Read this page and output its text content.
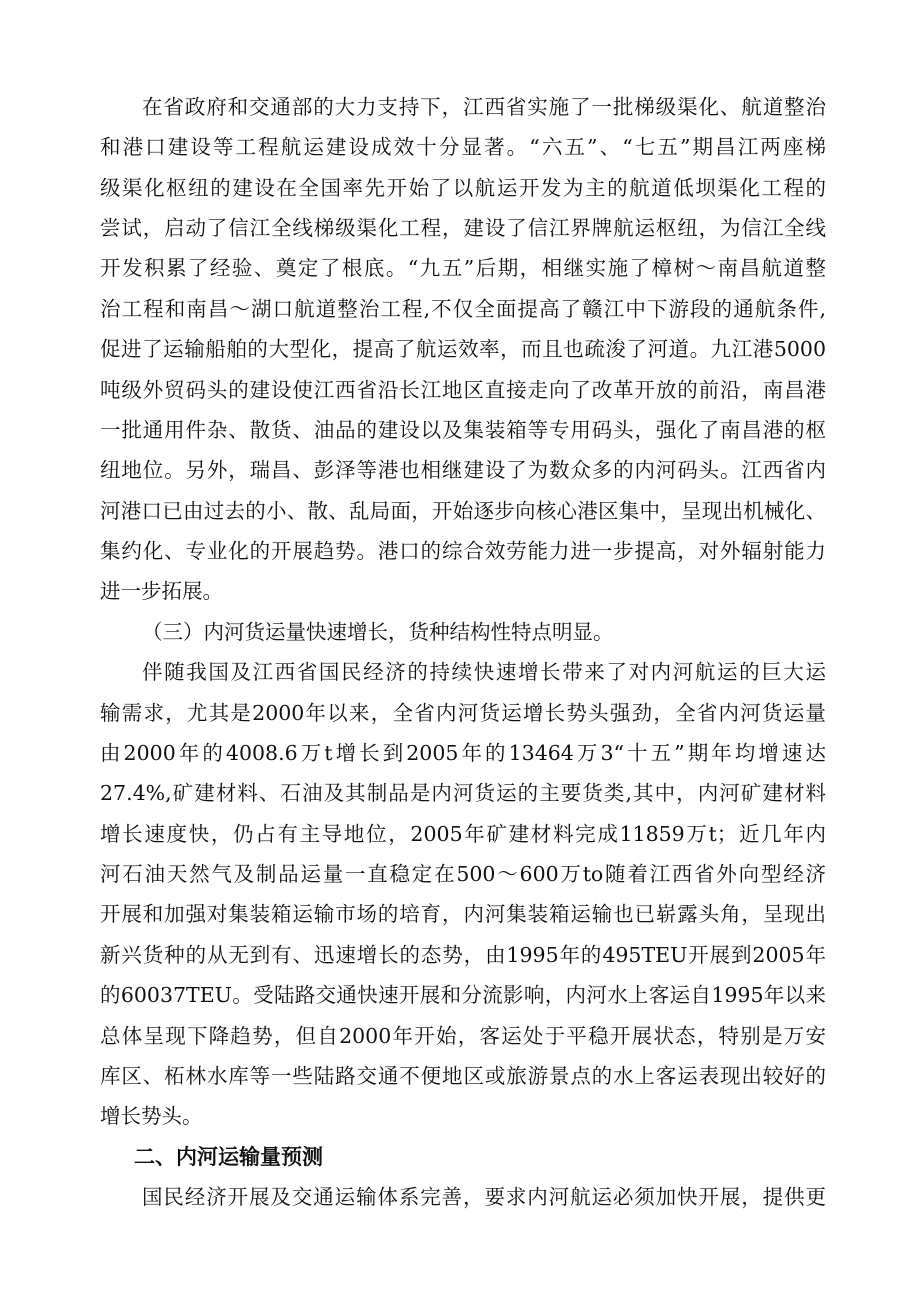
在省政府和交通部的大力支持下，江西省实施了一批梯级渠化、航道整治
和港口建设等工程航运建设成效十分显著。“六五”、“七五”期昌江两座梯
级渠化枢纽的建设在全国率先开始了以航运开发为主的航道低坝渠化工程的
尝试，启动了信江全线梯级渠化工程，建设了信江界牌航运枢纽，为信江全线
开发积累了经验、奠定了根底。“九五”后期，相继实施了樟树～南昌航道整
治工程和南昌～湖口航道整治工程,不仅全面提高了赣江中下游段的通航条件,
促进了运输船舶的大型化，提高了航运效率，而且也疏浚了河道。九江港5000
吨级外贸码头的建设使江西省沿长江地区直接走向了改革开放的前沿，南昌港
一批通用件杂、散货、油品的建设以及集装箱等专用码头，强化了南昌港的枢
纽地位。另外，瑞昌、彭泽等港也相继建设了为数众多的内河码头。江西省内
河港口已由过去的小、散、乱局面，开始逐步向核心港区集中，呈现出机械化、
集约化、专业化的开展趋势。港口的综合效劳能力进一步提高，对外辐射能力
进一步拓展。
（三）内河货运量快速增长，货种结构性特点明显。
伴随我国及江西省国民经济的持续快速增长带来了对内河航运的巨大运
输需求，尤其是2000年以来，全省内河货运增长势头强劲，全省内河货运量
由2000年的4008.6万t增长到2005年的13464万3“十五”期年均增速达
27.4%,矿建材料、石油及其制品是内河货运的主要货类,其中，内河矿建材料
增长速度快，仍占有主导地位，2005年矿建材料完成11859万t；近几年内
河石油天然气及制品运量一直稳定在500～600万to随着江西省外向型经济
开展和加强对集装箱运输市场的培育，内河集装箱运输也已崭露头角，呈现出
新兴货种的从无到有、迅速增长的态势，由1995年的495TEU开展到2005年
的60037TEU。受陆路交通快速开展和分流影响，内河水上客运自1995年以来
总体呈现下降趋势，但自2000年开始，客运处于平稳开展状态，特别是万安
库区、柘林水库等一些陆路交通不便地区或旅游景点的水上客运表现出较好的
增长势头。
二、内河运输量预测
国民经济开展及交通运输体系完善，要求内河航运必须加快开展，提供更
